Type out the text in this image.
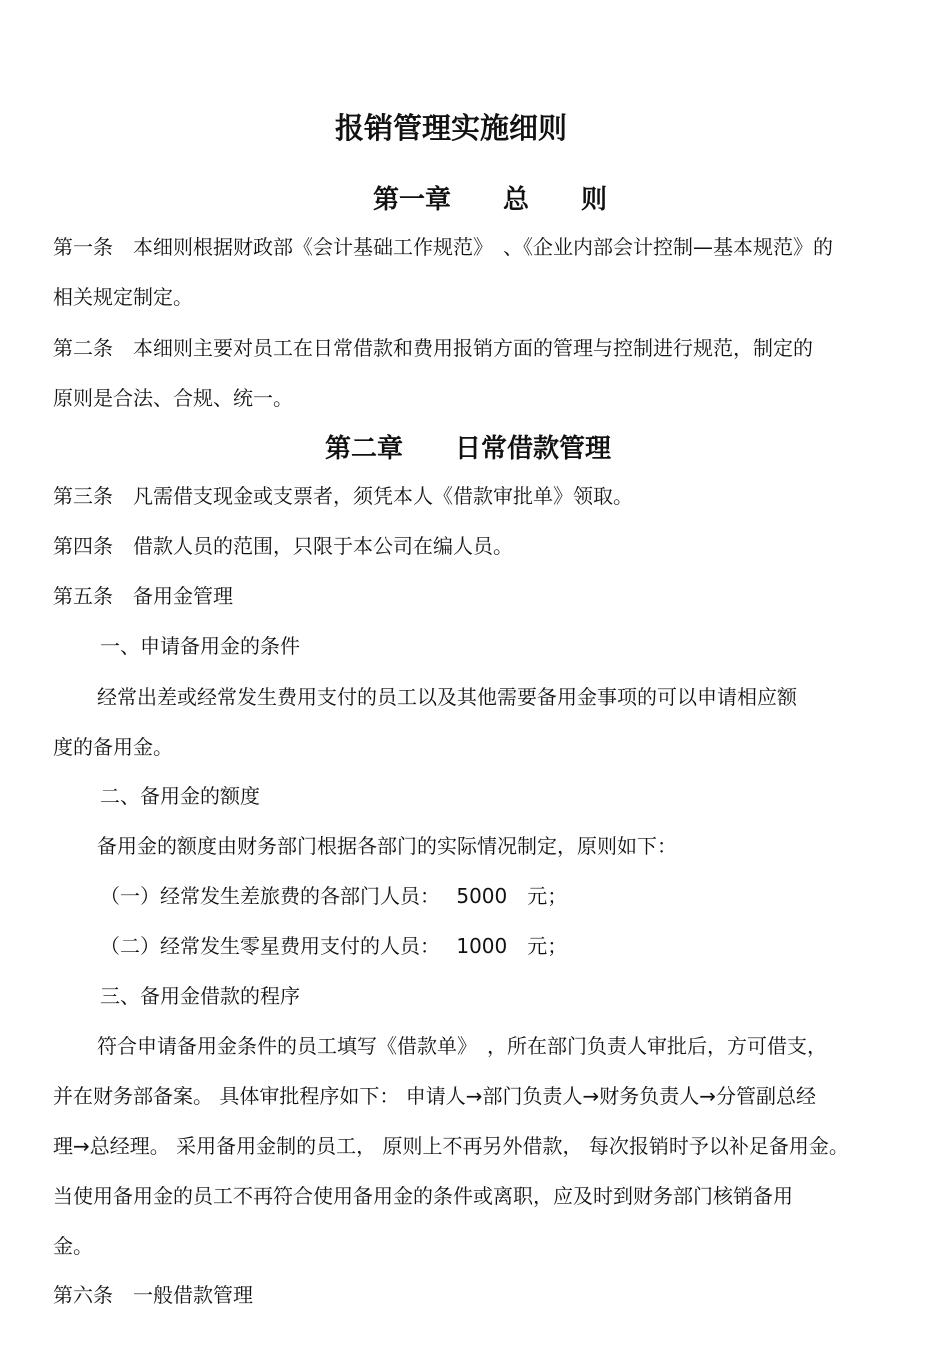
报销管理实施细则
第一章　　总　　则

第一条　本细则根据财政部《会计基础工作规范》　、《企业内部会计控制—基本规范》的

相关规定制定。

第二条　本细则主要对员工在日常借款和费用报销方面的管理与控制进行规范，制定的

原则是合法、合规、统一。

第二章　　日常借款管理

第三条　凡需借支现金或支票者，须凭本人《借款审批单》领取。

第四条　借款人员的范围，只限于本公司在编人员。

第五条　备用金管理

一、申请备用金的条件

经常出差或经常发生费用支付的员工以及其他需要备用金事项的可以申请相应额

度的备用金。

二、备用金的额度

备用金的额度由财务部门根据各部门的实际情况制定，原则如下：

（一）经常发生差旅费的各部门人员：　 5000　元；

（二）经常发生零星费用支付的人员：　 1000　元；

三、备用金借款的程序

符合申请备用金条件的员工填写《借款单》　，所在部门负责人审批后，方可借支，

并在财务部备案。 具体审批程序如下： 申请人→部门负责人→财务负责人→分管副总经

理→总经理。 采用备用金制的员工， 原则上不再另外借款， 每次报销时予以补足备用金。

当使用备用金的员工不再符合使用备用金的条件或离职，应及时到财务部门核销备用

金。

第六条　一般借款管理
